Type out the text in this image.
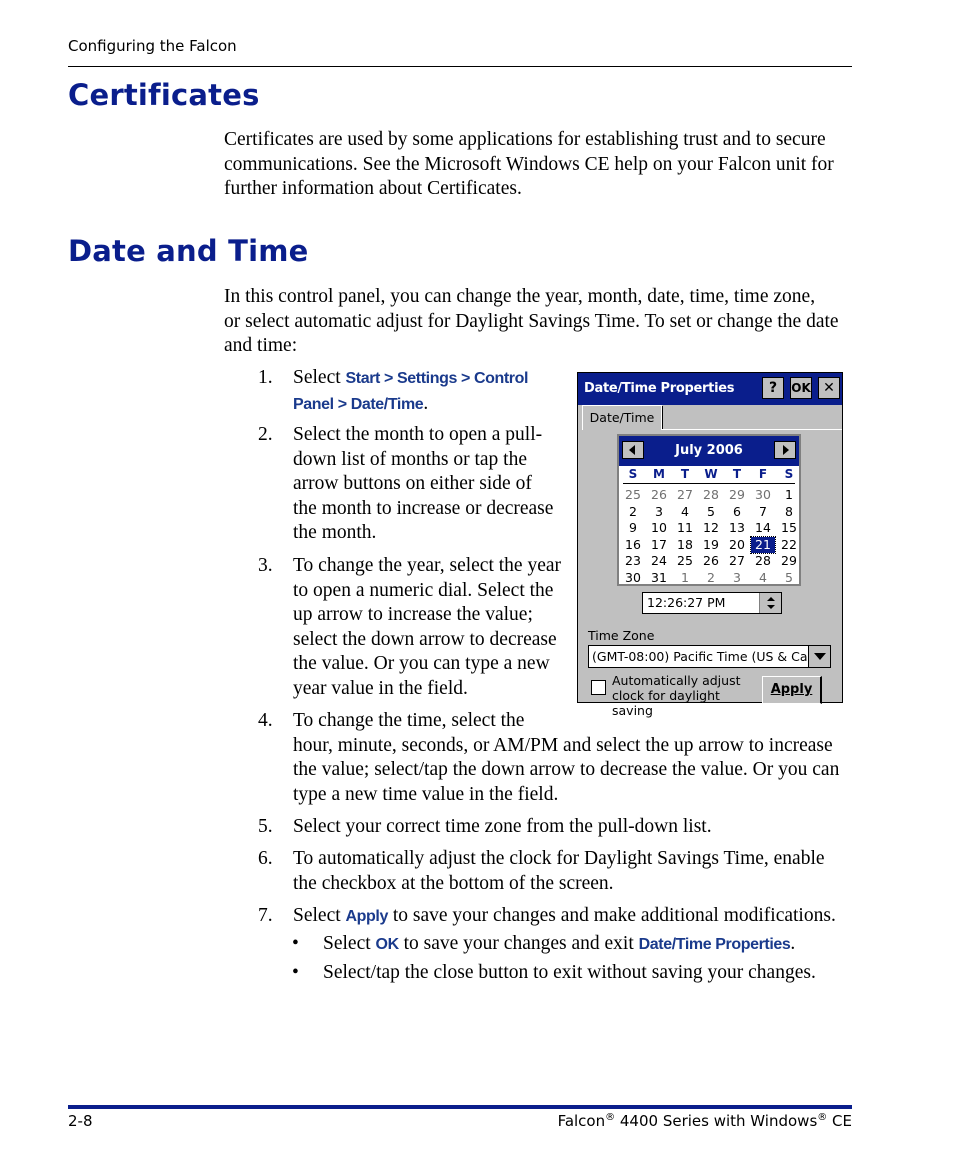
Configuring the Falcon
Certificates

Certificates are used by some applications for establishing trust and to secure
communications. See the Microsoft Windows CE help on your Falcon unit for
further information about Certificates.

Date and Time

In this control panel, you can change the year, month, date, time, time zone,
or select automatic adjust for Daylight Savings Time. To set or change the date
and time:

1. Select Start > Settings > Control
Panel > Date/Time.
2. Select the month to open a pull-
down list of months or tap the
arrow buttons on either side of
the month to increase or decrease
the month.
3. To change the year, select the year
to open a numeric dial. Select the
up arrow to increase the value;
select the down arrow to decrease
the value. Or you can type a new
year value in the field.
4. To change the time, select the
hour, minute, seconds, or AM/PM and select the up arrow to increase
the value; select/tap the down arrow to decrease the value. Or you can
type a new time value in the field.
5. Select your correct time zone from the pull-down list.
6. To automatically adjust the clock for Daylight Savings Time, enable
the checkbox at the bottom of the screen.
7. Select Apply to save your changes and make additional modifications.
• Select OK to save your changes and exit Date/Time Properties.
• Select/tap the close button to exit without saving your changes.
Date/Time Properties	?	OK ✕
Date/Time
July 2006
S	M	T	W	T	F	S
25 26 27 28 29 30	1
2	3	4	5	6	7	8
9	10 11 12 13 14 15
16 17 18 19 20 21 22
23 24 25 26 27 28 29
30 31	1	2	3	4	5
12:26:27 PM
Time Zone
(GMT-08:00) Pacific Time (US & Ca
Automatically adjust
clock for daylight saving
Apply
2-8	Falcon® 4400 Series with Windows® CE
